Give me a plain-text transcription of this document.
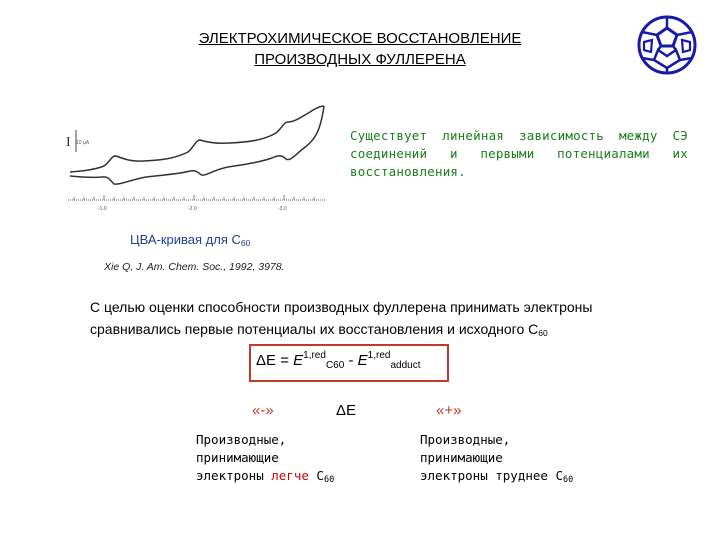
ЭЛЕКТРОХИМИЧЕСКОЕ ВОССТАНОВЛЕНИЕ
ПРОИЗВОДНЫХ ФУЛЛЕРЕНА
I 10 μA
-1.0	-2.0	-3.0
Существует линейная зависимость между СЭ соединений и первыми потенциалами их восстановления.
ЦВА-кривая для С60
Xie Q, J. Am. Chem. Soc., 1992, 3978.
С целью оценки способности производных фуллерена принимать электроны
сравнивались первые потенциалы их восстановления и исходного С60
$\Delta E = E^{1,red}_{C60} - E^{1,red}_{adduct}$
«-»	ΔE	«+»
Производные,
принимающие
электроны легче С60
Производные,
принимающие
электроны труднее С60
